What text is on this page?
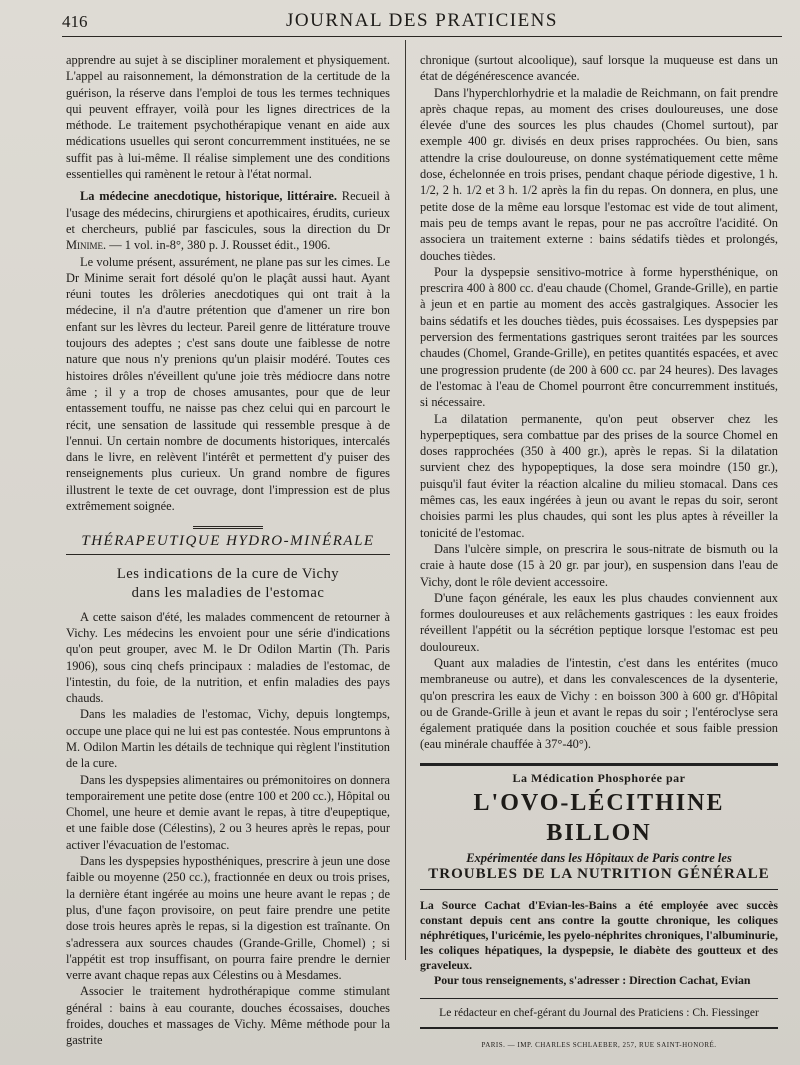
416	JOURNAL DES PRATICIENS

apprendre au sujet à se discipliner moralement et physiquement. L'appel au raisonnement, la démonstration de la certitude de la guérison, la réserve dans l'emploi de tous les termes techniques qui peuvent effrayer, voilà pour les lignes directrices de la méthode. Le traitement psychothérapique venant en aide aux médications usuelles qui seront concurremment instituées, ne se suffit pas à lui-même. Il réalise simplement une des conditions essentielles qui ramènent le retour à l'état normal.

La médecine anecdotique, historique, littéraire. Recueil à l'usage des médecins, chirurgiens et apothicaires, érudits, curieux et chercheurs, publié par fascicules, sous la direction du Dr Minime. — 1 vol. in-8°, 380 p. J. Rousset édit., 1906.

Le volume présent, assurément, ne plane pas sur les cimes. Le Dr Minime serait fort désolé qu'on le plaçât aussi haut. Ayant réuni toutes les drôleries anecdotiques qui ont trait à la médecine, il n'a d'autre prétention que d'amener un rire bon enfant sur les lèvres du lecteur. Pareil genre de littérature trouve toujours des adeptes ; c'est sans doute une faiblesse de notre nature que nous n'y prenions qu'un plaisir modéré. Toutes ces histoires drôles n'éveillent qu'une joie très médiocre dans notre âme ; il y a trop de choses amusantes, pour que de leur entassement touffu, ne naisse pas chez celui qui en parcourt le récit, une sensation de lassitude qui ressemble presque à de l'ennui. Un certain nombre de documents historiques, intercalés dans le livre, en relèvent l'intérêt et permettent d'y puiser des renseignements plus curieux. Un grand nombre de figures illustrent le texte de cet ouvrage, dont l'impression est de plus extrêmement soignée.

THÉRAPEUTIQUE HYDRO-MINÉRALE
Les indications de la cure de Vichy
dans les maladies de l'estomac

A cette saison d'été, les malades commencent de retourner à Vichy. Les médecins les envoient pour une série d'indications qu'on peut grouper, avec M. le Dr Odilon Martin (Th. Paris 1906), sous cinq chefs principaux : maladies de l'estomac, de l'intestin, du foie, de la nutrition, et enfin maladies des pays chauds.

Dans les maladies de l'estomac, Vichy, depuis longtemps, occupe une place qui ne lui est pas contestée. Nous empruntons à M. Odilon Martin les détails de technique qui règlent l'institution de la cure.

Dans les dyspepsies alimentaires ou prémonitoires on donnera temporairement une petite dose (entre 100 et 200 cc.), Hôpital ou Chomel, une heure et demie avant le repas, à titre d'eupeptique, et une faible dose (Célestins), 2 ou 3 heures après le repas, pour activer l'évacuation de l'estomac.

Dans les dyspepsies hyposthéniques, prescrire à jeun une dose faible ou moyenne (250 cc.), fractionnée en deux ou trois prises, la dernière étant ingérée au moins une heure avant le repas ; de plus, d'une façon provisoire, on peut faire prendre une petite dose trois heures après le repas, si la digestion est traînante. On s'adressera aux sources chaudes (Grande-Grille, Chomel) ; si l'appétit est trop insuffisant, on pourra faire prendre le dernier verre avant chaque repas aux Célestins ou à Mesdames.

Associer le traitement hydrothérapique comme stimulant général : bains à eau courante, douches écossaises, douches froides, douches et massages de Vichy. Même méthode pour la gastrite

chronique (surtout alcoolique), sauf lorsque la muqueuse est dans un état de dégénérescence avancée.

Dans l'hyperchlorhydrie et la maladie de Reichmann, on fait prendre après chaque repas, au moment des crises douloureuses, une dose élevée d'une des sources les plus chaudes (Chomel surtout), par exemple 400 gr. divisés en deux prises rapprochées. Ou bien, sans attendre la crise douloureuse, on donne systématiquement cette même dose, échelonnée en trois prises, pendant chaque période digestive, 1 h. 1/2, 2 h. 1/2 et 3 h. 1/2 après la fin du repas. On donnera, en plus, une petite dose de la même eau lorsque l'estomac est vide de tout aliment, mais peu de temps avant le repas, pour ne pas accroître l'acidité. On associera un traitement externe : bains sédatifs tièdes et prolongés, douches tièdes.

Pour la dyspepsie sensitivo-motrice à forme hypersthénique, on prescrira 400 à 800 cc. d'eau chaude (Chomel, Grande-Grille), en partie à jeun et en partie au moment des accès gastralgiques. Associer les bains sédatifs et les douches tièdes, puis écossaises. Les dyspepsies par perversion des fermentations gastriques seront traitées par les sources chaudes (Chomel, Grande-Grille), en petites quantités espacées, et avec une progression prudente (de 200 à 600 cc. par 24 heures). Des lavages de l'estomac à l'eau de Chomel pourront être concurremment institués, si nécessaire.

La dilatation permanente, qu'on peut observer chez les hyperpeptiques, sera combattue par des prises de la source Chomel en doses rapprochées (350 à 400 gr.), après le repas. Si la dilatation survient chez des hypopeptiques, la dose sera moindre (150 gr.), puisqu'il faut éviter la réaction alcaline du milieu stomacal. Dans ces mêmes cas, les eaux ingérées à jeun ou avant le repas du soir, seront choisies parmi les plus chaudes, qui sont les plus aptes à réveiller la tonicité de l'estomac.

Dans l'ulcère simple, on prescrira le sous-nitrate de bismuth ou la craie à haute dose (15 à 20 gr. par jour), en suspension dans l'eau de Vichy, dont le rôle devient accessoire.

D'une façon générale, les eaux les plus chaudes conviennent aux formes douloureuses et aux relâchements gastriques : les eaux froides réveillent l'appétit ou la sécrétion peptique lorsque l'estomac est peu douloureux.

Quant aux maladies de l'intestin, c'est dans les entérites (muco membraneuse ou autre), et dans les convalescences de la dysenterie, qu'on prescrira les eaux de Vichy : en boisson 300 à 600 gr. d'Hôpital ou de Grande-Grille à jeun et avant le repas du soir ; l'entéroclyse sera également pratiquée dans la position couchée et sous faible pression (eau minérale chauffée à 37°-40°).

La Médication Phosphorée par
L'OVO-LÉCITHINE BILLON
Expérimentée dans les Hôpitaux de Paris contre les
TROUBLES DE LA NUTRITION GÉNÉRALE
La Source Cachat d'Evian-les-Bains a été employée avec succès constant depuis cent ans contre la goutte chronique, les coliques néphrétiques, l'uricémie, les pyelo-néphrites chroniques, l'albuminurie, les coliques hépatiques, la dyspepsie, le diabète des goutteux et des graveleux.
Pour tous renseignements, s'adresser : Direction Cachat, Evian
Le rédacteur en chef-gérant du Journal des Praticiens : Ch. Fiessinger
PARIS. — IMP. CHARLES SCHLAEBER, 257, RUE SAINT-HONORÉ.
